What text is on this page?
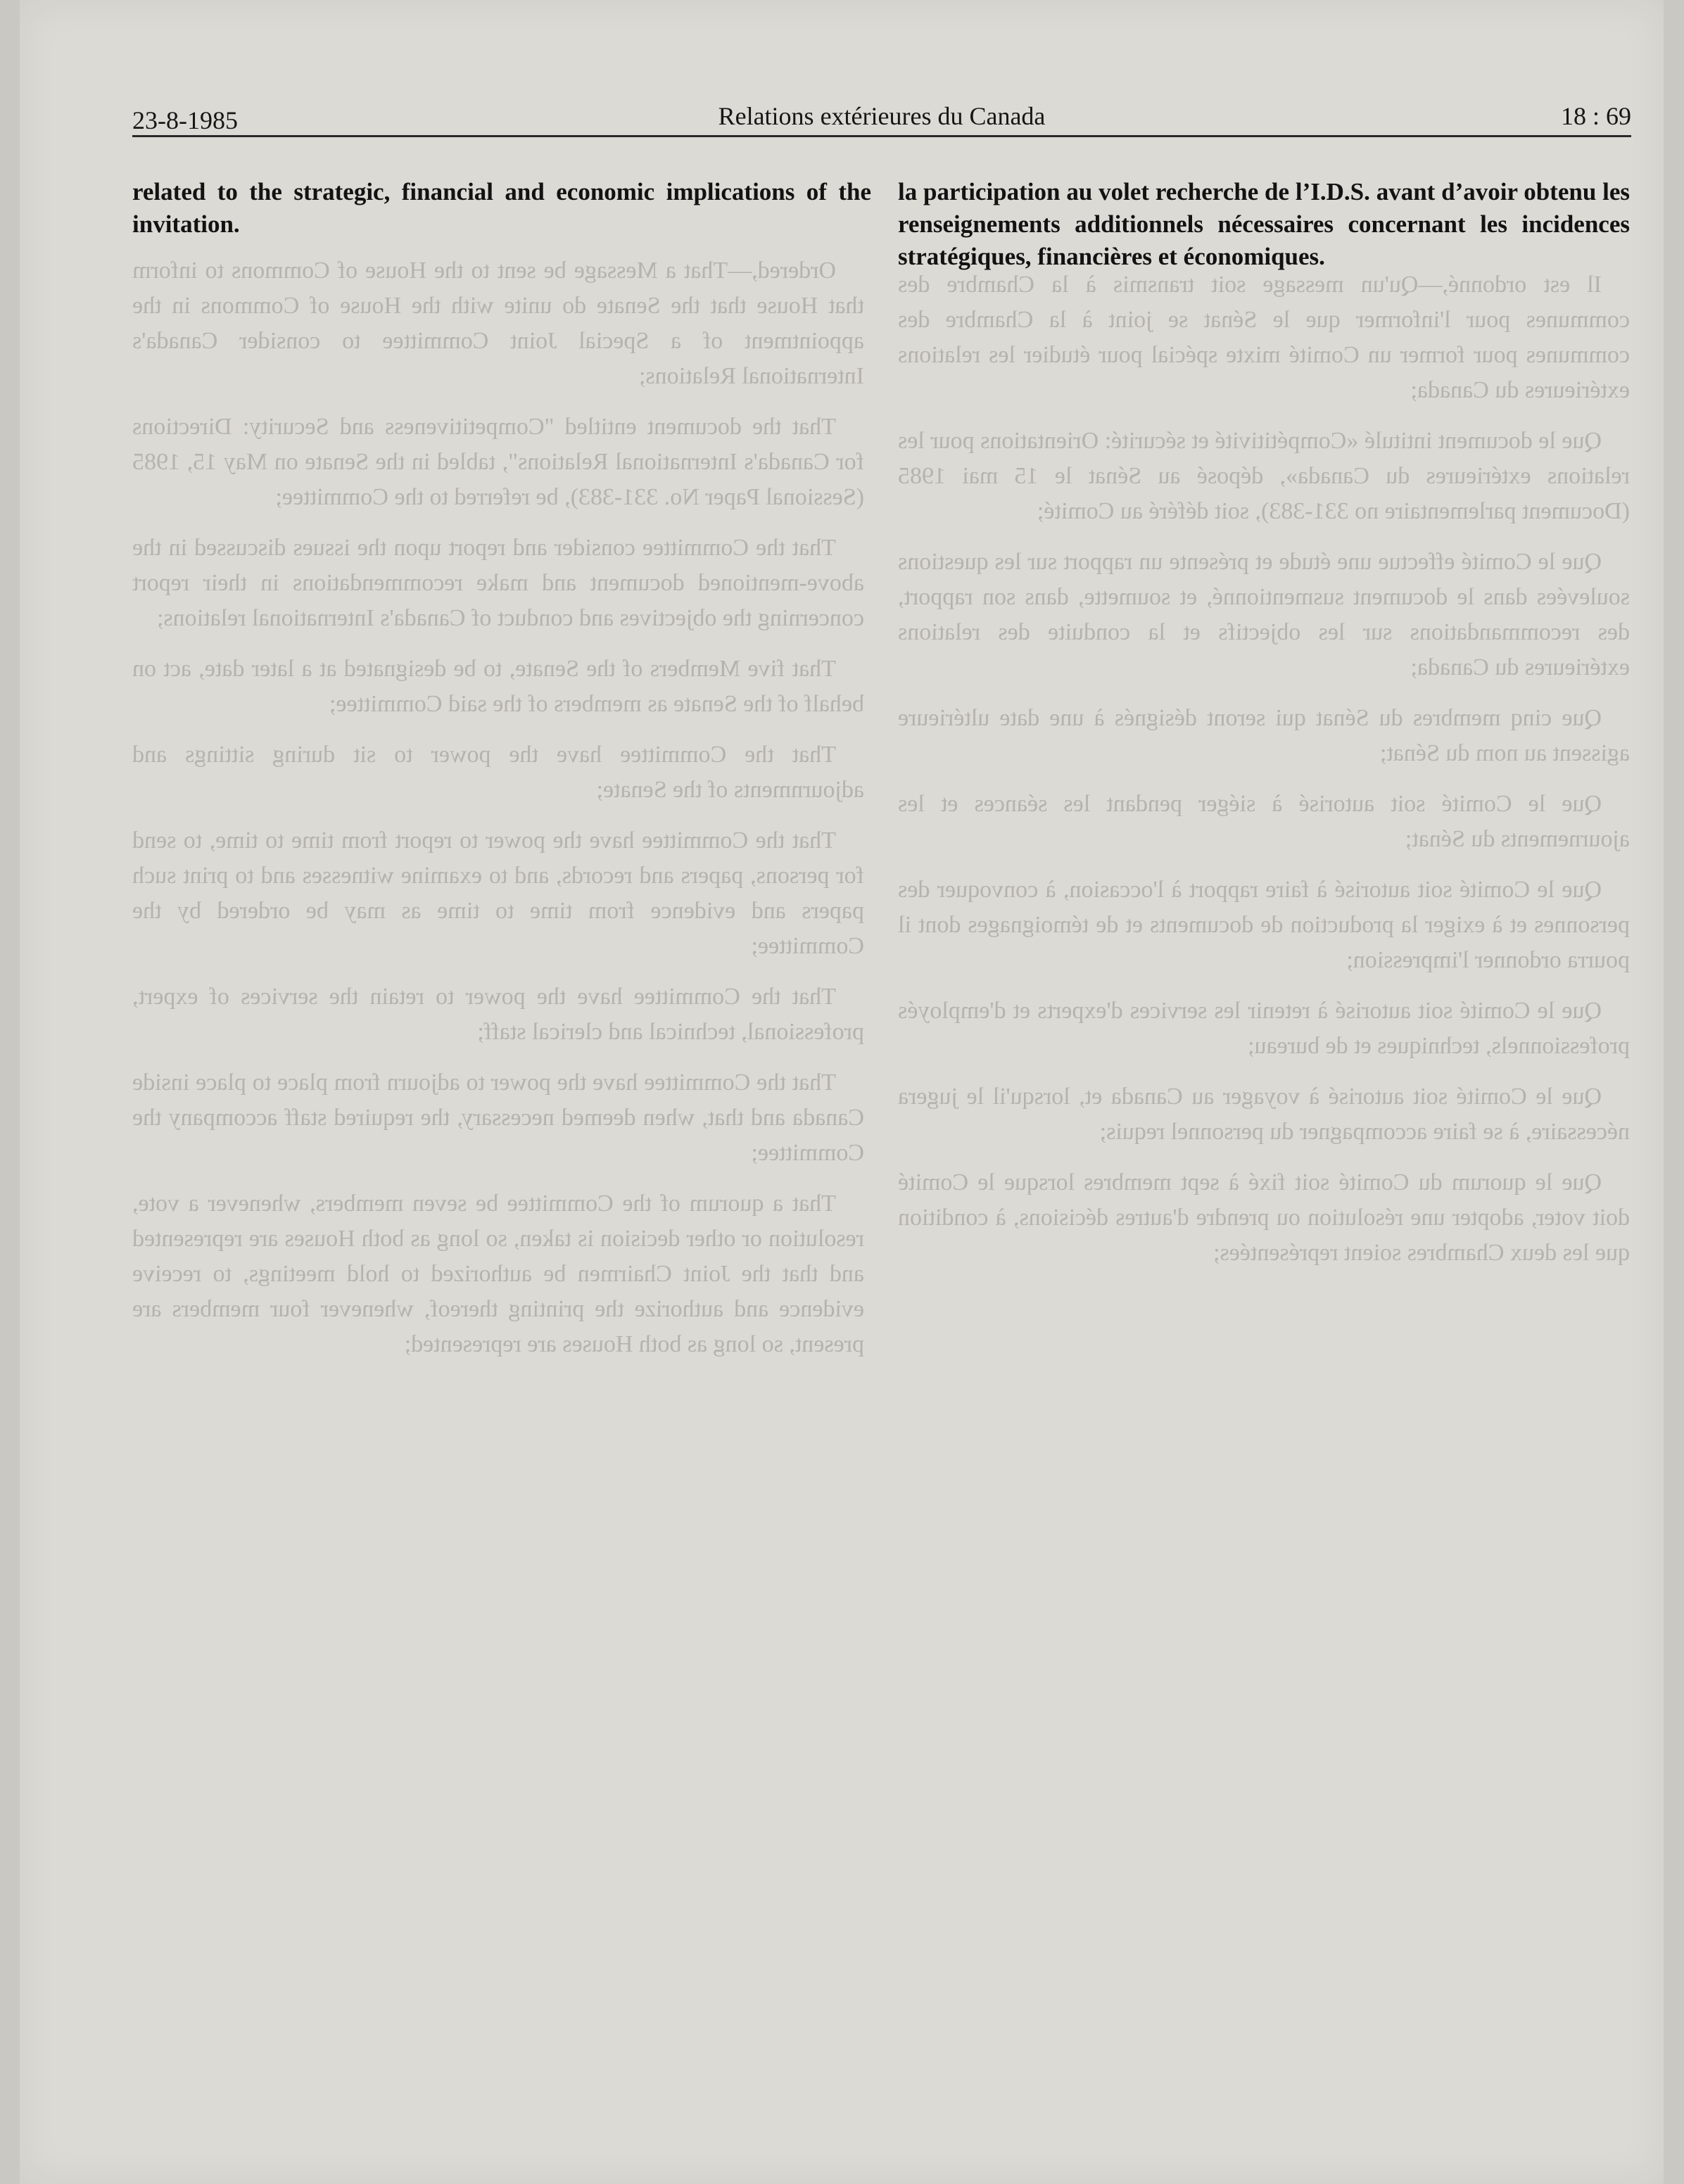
Ordered,—That a Message be sent to the House of Commons to inform that House that the Senate do unite with the House of Commons in the appointment of a Special Joint Committee to consider Canada's International Relations;

That the document entitled "Competitiveness and Security: Directions for Canada's International Relations", tabled in the Senate on May 15, 1985 (Sessional Paper No. 331-383), be referred to the Committee;

That the Committee consider and report upon the issues discussed in the above-mentioned document and make recommendations in their report concerning the objectives and conduct of Canada's International relations;

That five Members of the Senate, to be designated at a later date, act on behalf of the Senate as members of the said Committee;

That the Committee have the power to sit during sittings and adjournments of the Senate;

That the Committee have the power to report from time to time, to send for persons, papers and records, and to examine witnesses and to print such papers and evidence from time to time as may be ordered by the Committee;

That the Committee have the power to retain the services of expert, professional, technical and clerical staff;

That the Committee have the power to adjourn from place to place inside Canada and that, when deemed necessary, the required staff accompany the Committee;

That a quorum of the Committee be seven members, whenever a vote, resolution or other decision is taken, so long as both Houses are represented and that the Joint Chairmen be authorized to hold meetings, to receive evidence and authorize the printing thereof, whenever four members are present, so long as both Houses are represented;

Il est ordonné,—Qu'un message soit transmis à la Chambre des communes pour l'informer que le Sénat se joint à la Chambre des communes pour former un Comité mixte spécial pour étudier les relations extérieures du Canada;

Que le document intitulé «Compétitivité et sécurité: Orientations pour les relations extérieures du Canada», déposé au Sénat le 15 mai 1985 (Document parlementaire no 331-383), soit déféré au Comité;

Que le Comité effectue une étude et présente un rapport sur les questions soulevées dans le document susmentionné, et soumette, dans son rapport, des recommandations sur les objectifs et la conduite des relations extérieures du Canada;

Que cinq membres du Sénat qui seront désignés à une date ultérieure agissent au nom du Sénat;

Que le Comité soit autorisé à siéger pendant les séances et les ajournements du Sénat;

Que le Comité soit autorisé à faire rapport à l'occasion, à convoquer des personnes et à exiger la production de documents et de témoignages dont il pourra ordonner l'impression;

Que le Comité soit autorisé à retenir les services d'experts et d'employés professionnels, techniques et de bureau;

Que le Comité soit autorisé à voyager au Canada et, lorsqu'il le jugera nécessaire, à se faire accompagner du personnel requis;

Que le quorum du Comité soit fixé à sept membres lorsque le Comité doit voter, adopter une résolution ou prendre d'autres décisions, à condition que les deux Chambres soient représentées;

23-8-1985	Relations extérieures du Canada	18 : 69

related to the strategic, financial and economic implications of the invitation.

la participation au volet recherche de l’I.D.S. avant d’avoir obtenu les renseignements additionnels nécessaires concernant les incidences stratégiques, financières et économiques.
